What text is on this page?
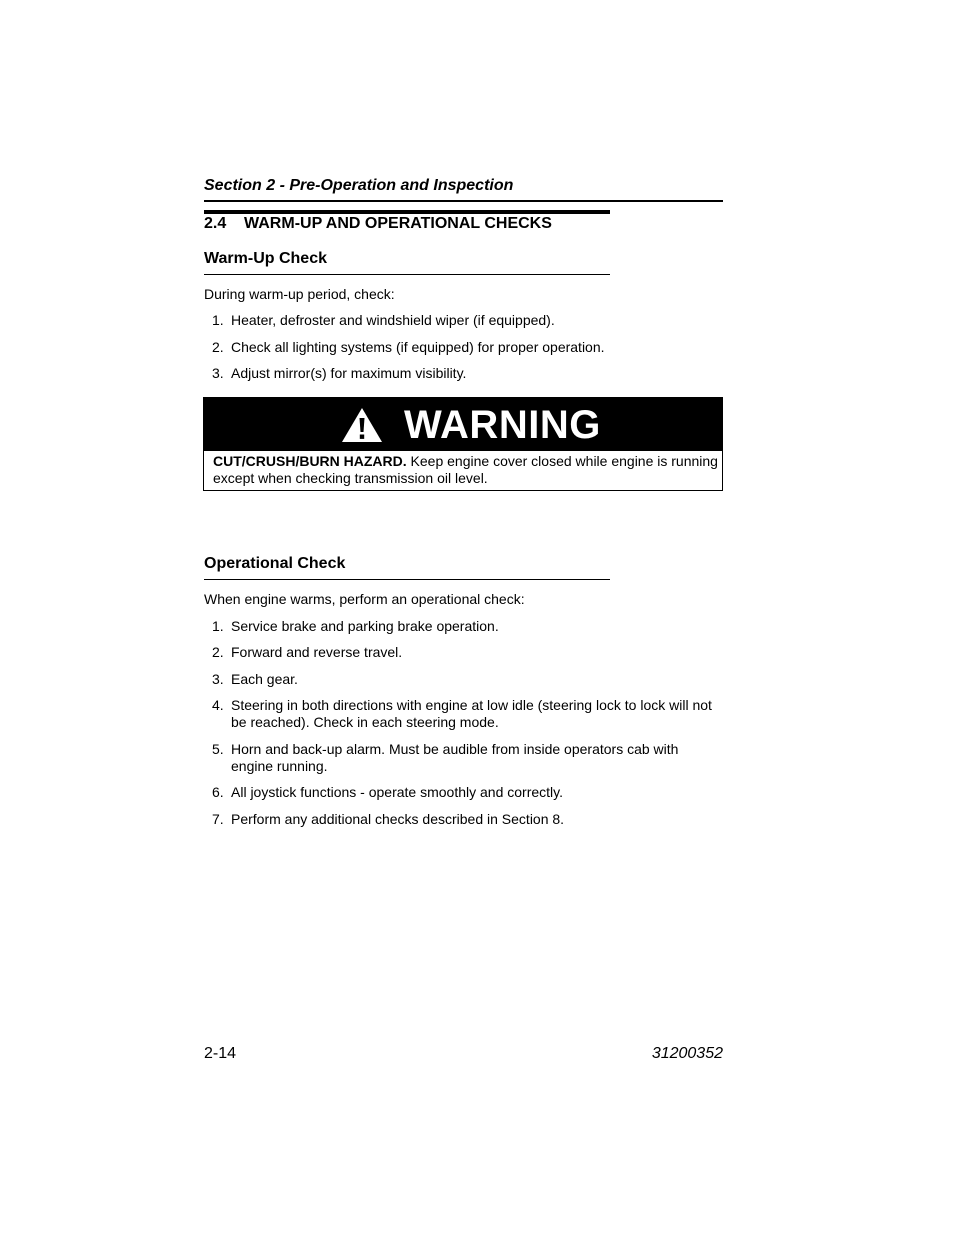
Section 2 - Pre-Operation and Inspection
2.4 WARM-UP AND OPERATIONAL CHECKS
Warm-Up Check
During warm-up period, check:
1. Heater, defroster and windshield wiper (if equipped).
2. Check all lighting systems (if equipped) for proper operation.
3. Adjust mirror(s) for maximum visibility.
WARNING
CUT/CRUSH/BURN HAZARD. Keep engine cover closed while engine is running except when checking transmission oil level.
Operational Check
When engine warms, perform an operational check:
1. Service brake and parking brake operation.
2. Forward and reverse travel.
3. Each gear.
4. Steering in both directions with engine at low idle (steering lock to lock will not be reached). Check in each steering mode.
5. Horn and back-up alarm. Must be audible from inside operators cab with engine running.
6. All joystick functions - operate smoothly and correctly.
7. Perform any additional checks described in Section 8.
2-14	31200352
